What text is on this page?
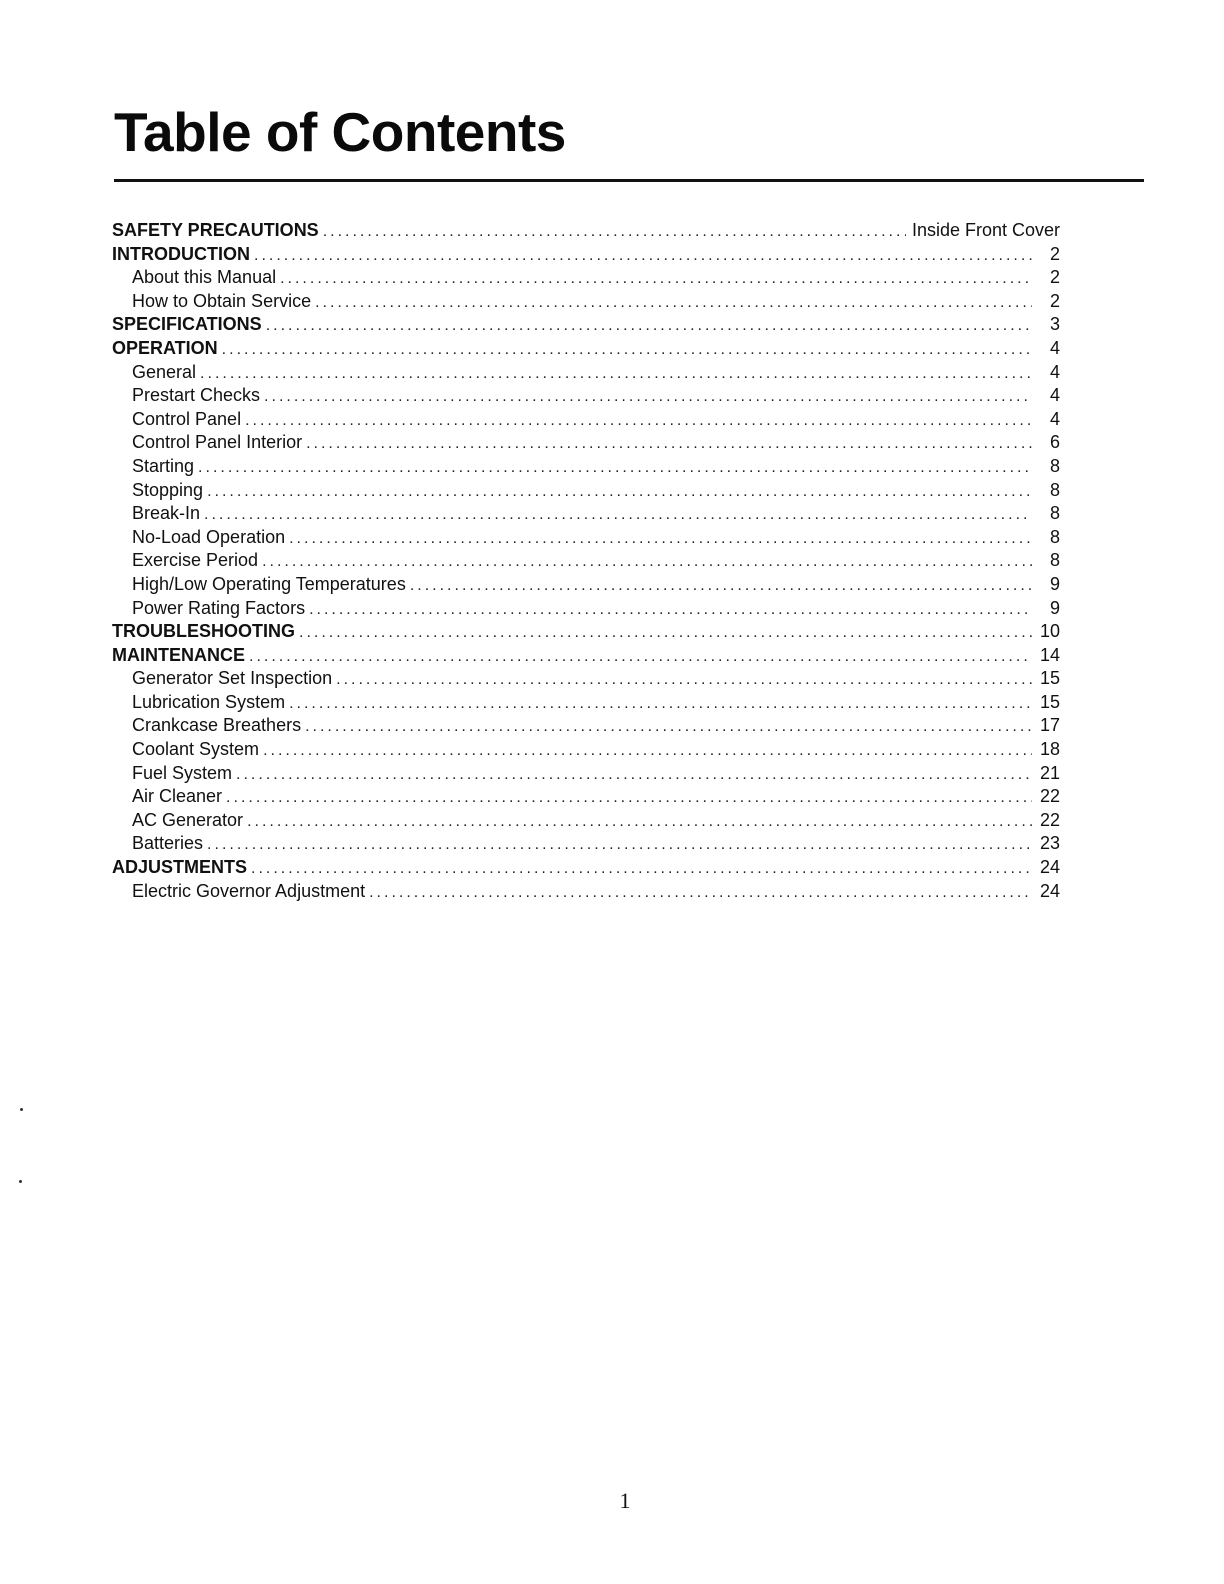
Table of Contents
SAFETY PRECAUTIONS .....	Inside Front Cover
INTRODUCTION .....	2
About this Manual .....	2
How to Obtain Service .....	2
SPECIFICATIONS .....	3
OPERATION .....	4
General .....	4
Prestart Checks .....	4
Control Panel .....	4
Control Panel Interior .....	6
Starting .....	8
Stopping .....	8
Break-In .....	8
No-Load Operation .....	8
Exercise Period .....	8
High/Low Operating Temperatures .....	9
Power Rating Factors .....	9
TROUBLESHOOTING .....	10
MAINTENANCE .....	14
Generator Set Inspection .....	15
Lubrication System .....	15
Crankcase Breathers .....	17
Coolant System .....	18
Fuel System .....	21
Air Cleaner .....	22
AC Generator .....	22
Batteries .....	23
ADJUSTMENTS .....	24
Electric Governor Adjustment .....	24
1
